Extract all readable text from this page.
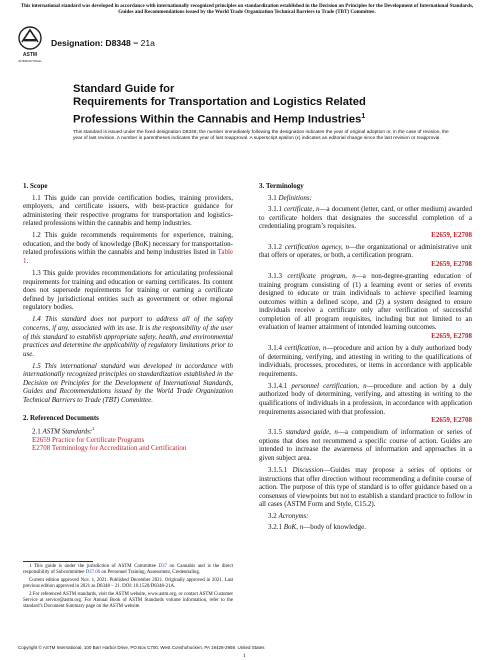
This international standard was developed in accordance with internationally recognized principles on standardization established in the Decision on Principles for the Development of International Standards, Guides and Recommendations issued by the World Trade Organization Technical Barriers to Trade (TBT) Committee.
ASTM
INTERNATIONAL
Designation: D8348 − 21a
Standard Guide for
Requirements for Transportation and Logistics Related
Professions Within the Cannabis and Hemp Industries$^1$
This standard is issued under the fixed designation D8348; the number immediately following the designation indicates the year of original adoption or, in the case of revision, the year of last revision. A number in parentheses indicates the year of last reapproval. A superscript epsilon (ε) indicates an editorial change since the last revision or reapproval.

1. Scope

1.1 This guide can provide certification bodies, training providers, employers, and certificate issuers, with best-practice guidance for administering their respective programs for transportation and logistics-related professions within the cannabis and hemp industries.

1.2 This guide recommends requirements for experience, training, education, and the body of knowledge (BoK) necessary for transportation-related professions within the cannabis and hemp industries listed in Table 1.

1.3 This guide provides recommendations for articulating professional requirements for training and education or earning certificates. Its content does not supersede requirements for training or earning a certificate defined by jurisdictional entities such as government or other regional regulatory bodies.

1.4 This standard does not purport to address all of the safety concerns, if any, associated with its use. It is the responsibility of the user of this standard to establish appropriate safety, health, and environmental practices and determine the applicability of regulatory limitations prior to use.

1.5 This international standard was developed in accordance with internationally recognized principles on standardization established in the Decision on Principles for the Development of International Standards, Guides and Recommendations issued by the World Trade Organization Technical Barriers to Trade (TBT) Committee.

2. Referenced Documents

2.1 ASTM Standards:$^2$

E2659 Practice for Certificate Programs

E2708 Terminology for Accreditation and Certification

1 This guide is under the jurisdiction of ASTM Committee D37 on Cannabis and is the direct responsibility of Subcommittee D37.06 on Personnel Training, Assessment, Credentialing.

Current edition approved Nov. 1, 2021. Published December 2021. Originally approved in 2021. Last previous edition approved in 2021 as D8348 – 21. DOI: 10.1520/D8348-21A.

2 For referenced ASTM standards, visit the ASTM website, www.astm.org, or contact ASTM Customer Service at service@astm.org. For Annual Book of ASTM Standards volume information, refer to the standard’s Document Summary page on the ASTM website.

3. Terminology

3.1 Definitions:

3.1.1 certificate, n—a document (letter, card, or other medium) awarded to certificate holders that designates the successful completion of a credentialing program’s requisites.

E2659, E2708

3.1.2 certification agency, n—the organizational or administrative unit that offers or operates, or both, a certification program.

E2659, E2708

3.1.3 certificate program, n—a non-degree-granting education of training program consisting of (1) a learning event or series of events designed to educate or train individuals to achieve specified learning outcomes within a defined scope, and (2) a system designed to ensure individuals receive a certificate only after verification of successful completion of all program requisites, including but not limited to an evaluation of learner attainment of intended learning outcomes.

E2659, E2708

3.1.4 certification, n—procedure and action by a duly authorized body of determining, verifying, and attesting in writing to the qualifications of individuals, processes, procedures, or items in accordance with applicable requirements.

3.1.4.1 personnel certification, n—procedure and action by a duly authorized body of determining, verifying, and attesting in writing to the qualifications of individuals in a profession, in accordance with application requirements associated with that profession.

E2659, E2708

3.1.5 standard guide, n—a compendium of information or series of options that does not recommend a specific course of action. Guides are intended to increase the awareness of information and approaches in a given subject area.

3.1.5.1 Discussion—Guides may propose a series of options or instructions that offer direction without recommending a definite course of action. The purpose of this type of standard is to offer guidance based on a consensus of viewpoints but not to establish a standard practice to follow in all cases (ASTM Form and Style, C15.2).

3.2 Acronyms:

3.2.1 BoK, n—body of knowledge.

Copyright © ASTM International, 100 Barr Harbor Drive, PO Box C700, West Conshohocken, PA 19428-2959. United States
1
